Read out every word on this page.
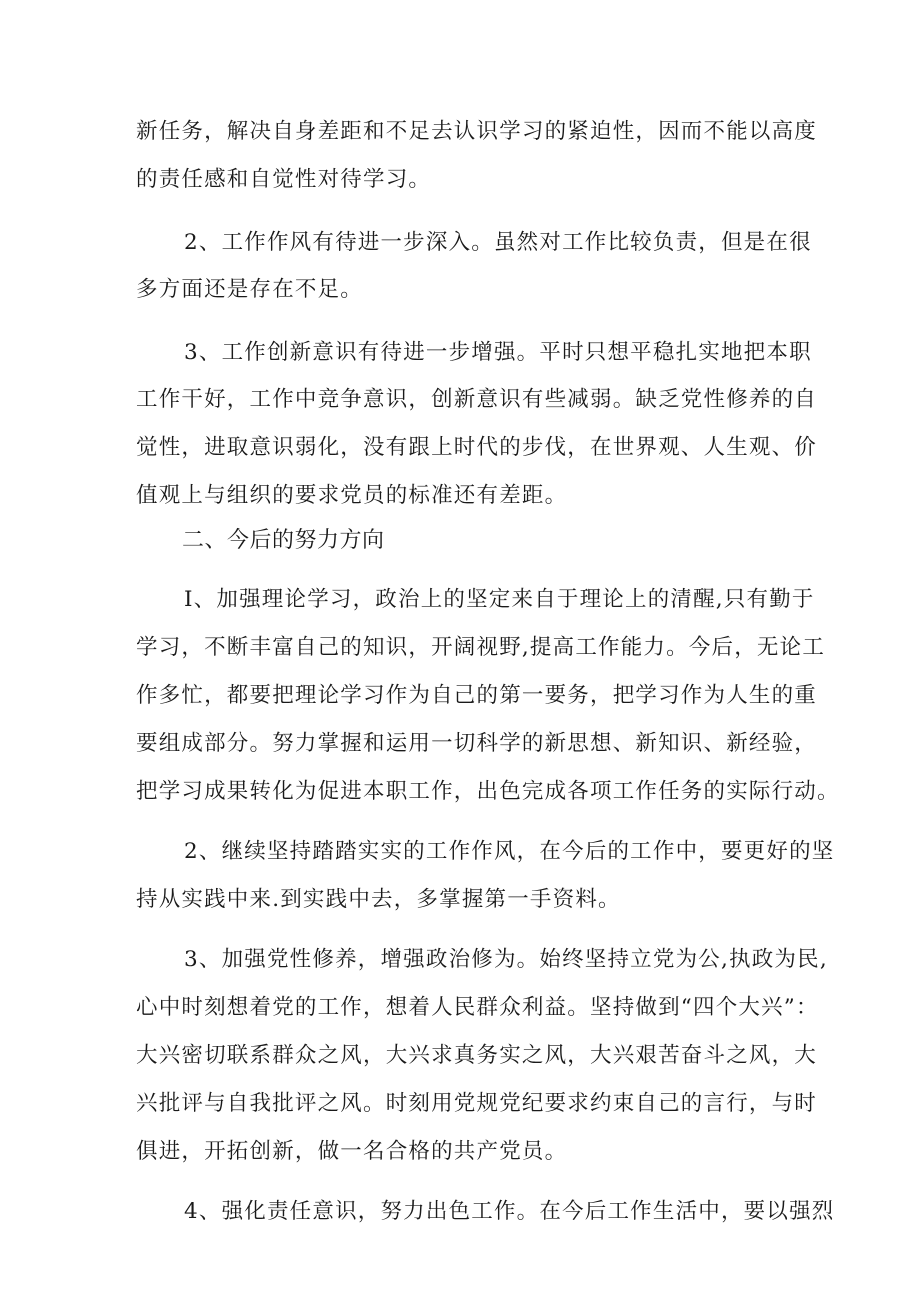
新任务，解决自身差距和不足去认识学习的紧迫性，因而不能以高度

的责任感和自觉性对待学习。

2、工作作风有待进一步深入。虽然对工作比较负责，但是在很

多方面还是存在不足。

3、工作创新意识有待进一步增强。平时只想平稳扎实地把本职

工作干好，工作中竞争意识，创新意识有些减弱。缺乏党性修养的自

觉性，进取意识弱化，没有跟上时代的步伐，在世界观、人生观、价

值观上与组织的要求党员的标准还有差距。

二、今后的努力方向

I、加强理论学习，政治上的坚定来自于理论上的清醒,只有勤于

学习，不断丰富自己的知识，开阔视野,提高工作能力。今后，无论工

作多忙，都要把理论学习作为自己的第一要务，把学习作为人生的重

要组成部分。努力掌握和运用一切科学的新思想、新知识、新经验，

把学习成果转化为促进本职工作，出色完成各项工作任务的实际行动。

2、继续坚持踏踏实实的工作作风，在今后的工作中，要更好的坚

持从实践中来.到实践中去，多掌握第一手资料。

3、加强党性修养，增强政治修为。始终坚持立党为公,执政为民,

心中时刻想着党的工作，想着人民群众利益。坚持做到“四个大兴”：

大兴密切联系群众之风，大兴求真务实之风，大兴艰苦奋斗之风，大

兴批评与自我批评之风。时刻用党规党纪要求约束自己的言行，与时

俱进，开拓创新，做一名合格的共产党员。

4、强化责任意识，努力出色工作。在今后工作生活中，要以强烈
